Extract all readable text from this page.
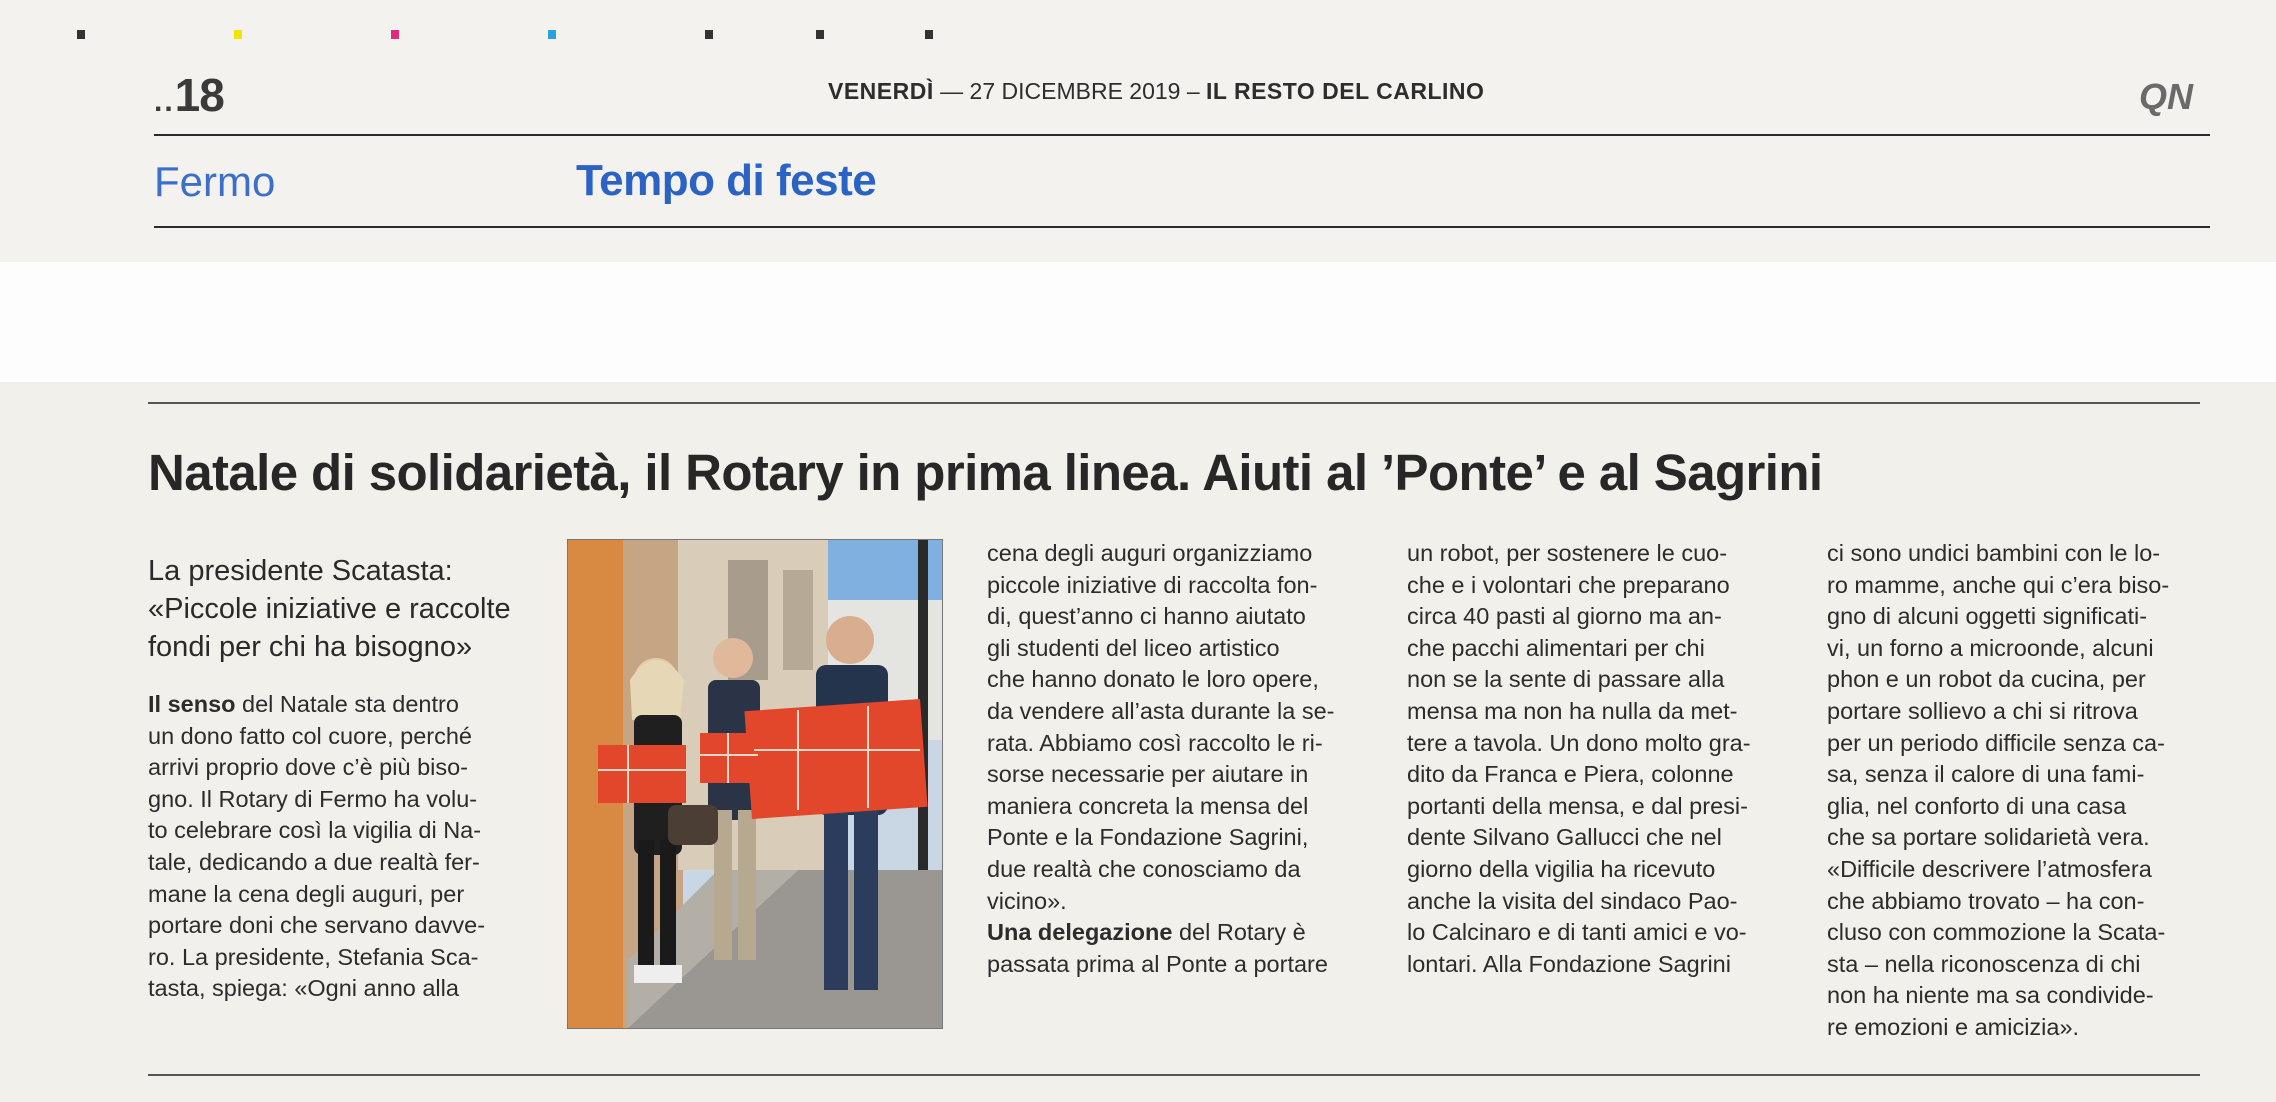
..18	VENERDÌ — 27 DICEMBRE 2019 – IL RESTO DEL CARLINO	QN
Fermo	Tempo di feste
Natale di solidarietà, il Rotary in prima linea. Aiuti al ’Ponte’ e al Sagrini
La presidente Scatasta:
«Piccole iniziative e raccolte
fondi per chi ha bisogno»
Il senso del Natale sta dentro
un dono fatto col cuore, perché
arrivi proprio dove c’è più biso-
gno. Il Rotary di Fermo ha volu-
to celebrare così la vigilia di Na-
tale, dedicando a due realtà fer-
mane la cena degli auguri, per
portare doni che servano davve-
ro. La presidente, Stefania Sca-
tasta, spiega: «Ogni anno alla
cena degli auguri organizziamo
piccole iniziative di raccolta fon-
di, quest’anno ci hanno aiutato
gli studenti del liceo artistico
che hanno donato le loro opere,
da vendere all’asta durante la se-
rata. Abbiamo così raccolto le ri-
sorse necessarie per aiutare in
maniera concreta la mensa del
Ponte e la Fondazione Sagrini,
due realtà che conosciamo da
vicino».
Una delegazione del Rotary è
passata prima al Ponte a portare
un robot, per sostenere le cuo-
che e i volontari che preparano
circa 40 pasti al giorno ma an-
che pacchi alimentari per chi
non se la sente di passare alla
mensa ma non ha nulla da met-
tere a tavola. Un dono molto gra-
dito da Franca e Piera, colonne
portanti della mensa, e dal presi-
dente Silvano Gallucci che nel
giorno della vigilia ha ricevuto
anche la visita del sindaco Pao-
lo Calcinaro e di tanti amici e vo-
lontari. Alla Fondazione Sagrini
ci sono undici bambini con le lo-
ro mamme, anche qui c’era biso-
gno di alcuni oggetti significati-
vi, un forno a microonde, alcuni
phon e un robot da cucina, per
portare sollievo a chi si ritrova
per un periodo difficile senza ca-
sa, senza il calore di una fami-
glia, nel conforto di una casa
che sa portare solidarietà vera.
«Difficile descrivere l’atmosfera
che abbiamo trovato – ha con-
cluso con commozione la Scata-
sta – nella riconoscenza di chi
non ha niente ma sa condivide-
re emozioni e amicizia».
